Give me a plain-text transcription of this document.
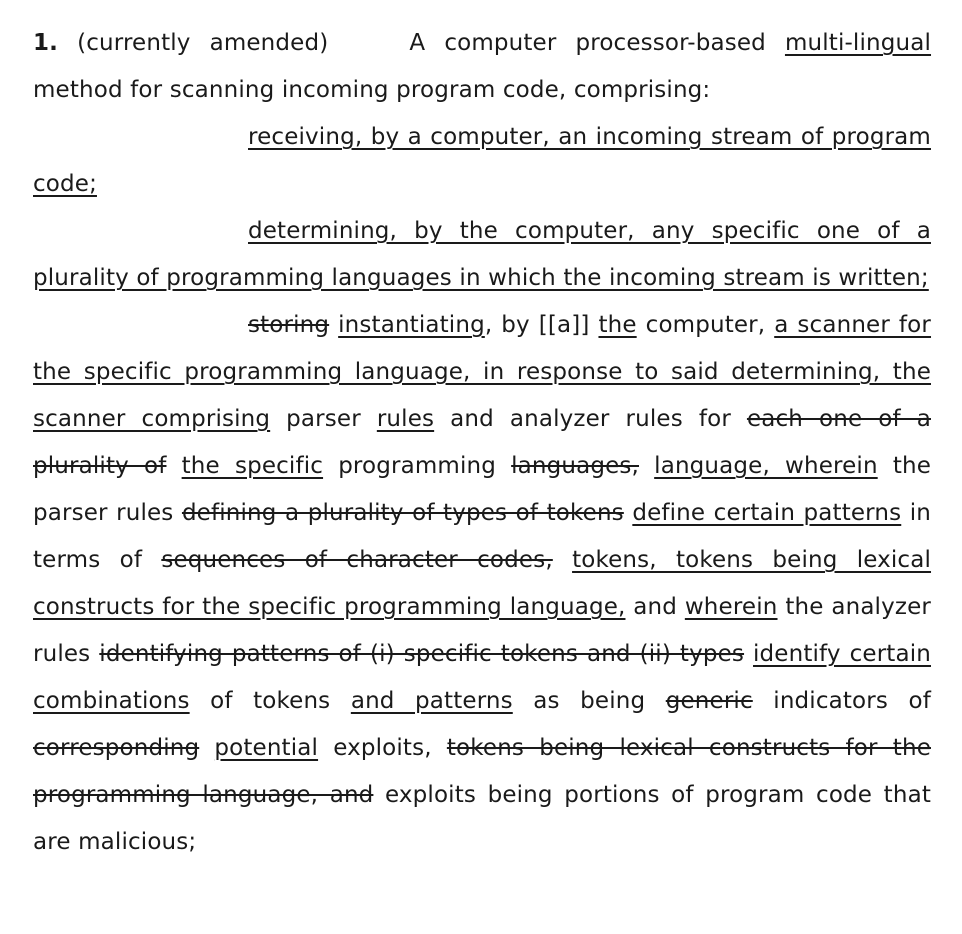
1. (currently amended)	A computer processor-based multi-lingual method for scanning incoming program code, comprising:

receiving, by a computer, an incoming stream of program code;

determining, by the computer, any specific one of a plurality of programming languages in which the incoming stream is written;

storing instantiating, by [[a]] the computer, a scanner for the specific programming language, in response to said determining, the scanner comprising parser rules and analyzer rules for each one of a plurality of the specific programming languages, language, wherein the parser rules defining a plurality of types of tokens define certain patterns in terms of sequences of character codes, tokens, tokens being lexical constructs for the specific programming language, and wherein the analyzer rules identifying patterns of (i) specific tokens and (ii) types identify certain combinations of tokens and patterns as being generic indicators of corresponding potential exploits, tokens being lexical constructs for the programming language, and exploits being portions of program code that are malicious;
